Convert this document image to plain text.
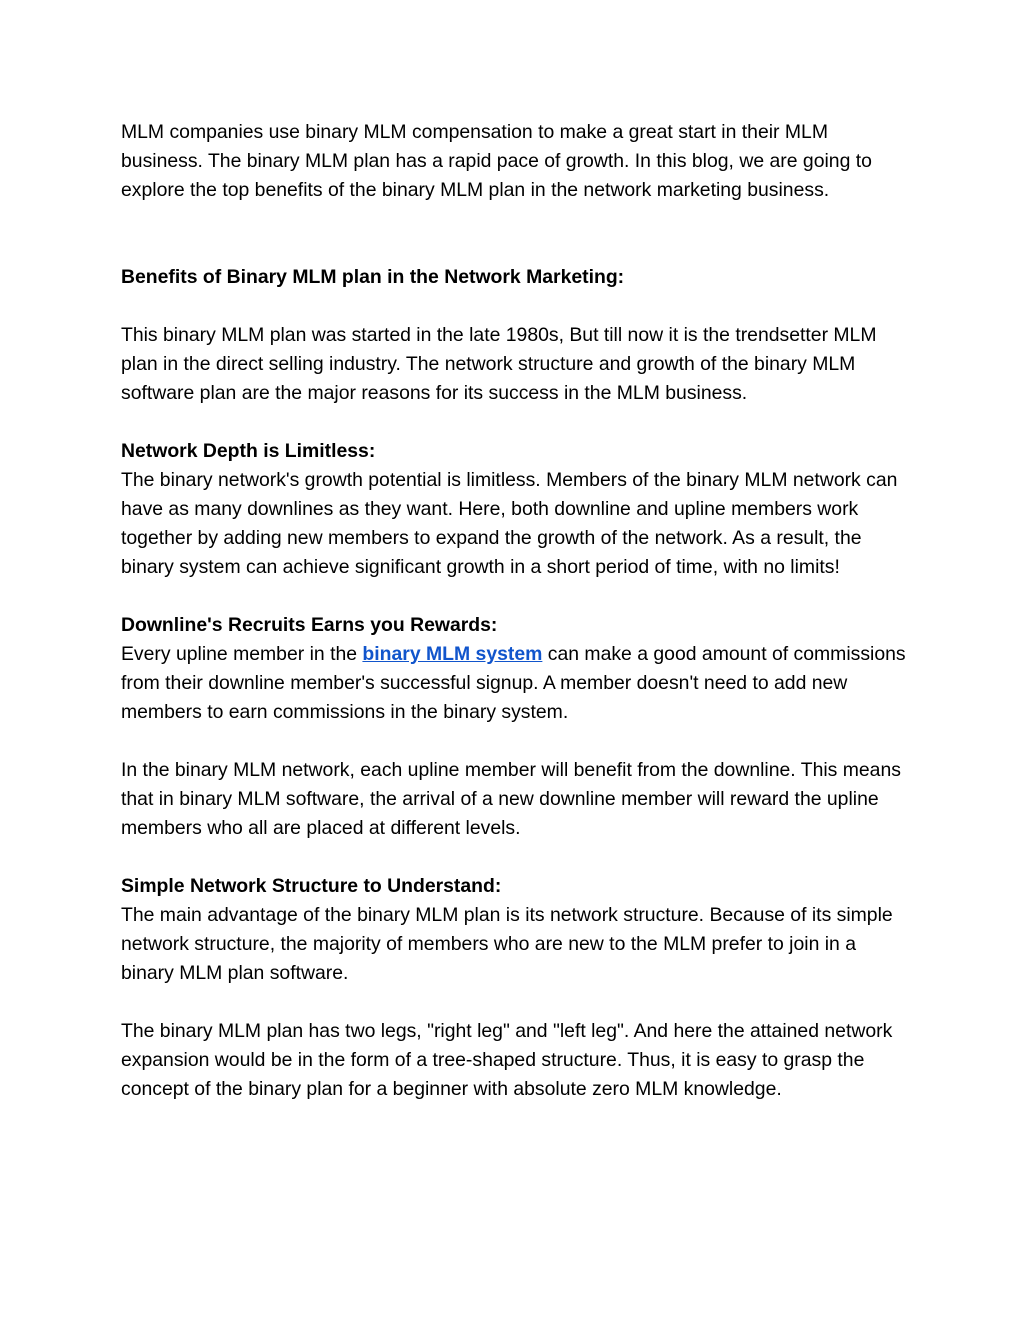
MLM companies use binary MLM compensation to make a great start in their MLM business. The binary MLM plan has a rapid pace of growth. In this blog, we are going to explore the top benefits of the binary MLM plan in the network marketing business.

Benefits of Binary MLM plan in the Network Marketing:

This binary MLM plan was started in the late 1980s, But till now it is the trendsetter MLM plan in the direct selling industry. The network structure and growth of the binary MLM software plan are the major reasons for its success in the MLM business.

Network Depth is Limitless:

The binary network's growth potential is limitless. Members of the binary MLM network can have as many downlines as they want. Here, both downline and upline members work together by adding new members to expand the growth of the network. As a result, the binary system can achieve significant growth in a short period of time, with no limits!

Downline's Recruits Earns you Rewards:

Every upline member in the binary MLM system can make a good amount of commissions from their downline member's successful signup. A member doesn't need to add new members to earn commissions in the binary system.

In the binary MLM network, each upline member will benefit from the downline. This means that in binary MLM software, the arrival of a new downline member will reward the upline members who all are placed at different levels.

Simple Network Structure to Understand:

The main advantage of the binary MLM plan is its network structure. Because of its simple network structure, the majority of members who are new to the MLM prefer to join in a binary MLM plan software.

The binary MLM plan has two legs, "right leg" and "left leg". And here the attained network expansion would be in the form of a tree-shaped structure. Thus, it is easy to grasp the concept of the binary plan for a beginner with absolute zero MLM knowledge.
